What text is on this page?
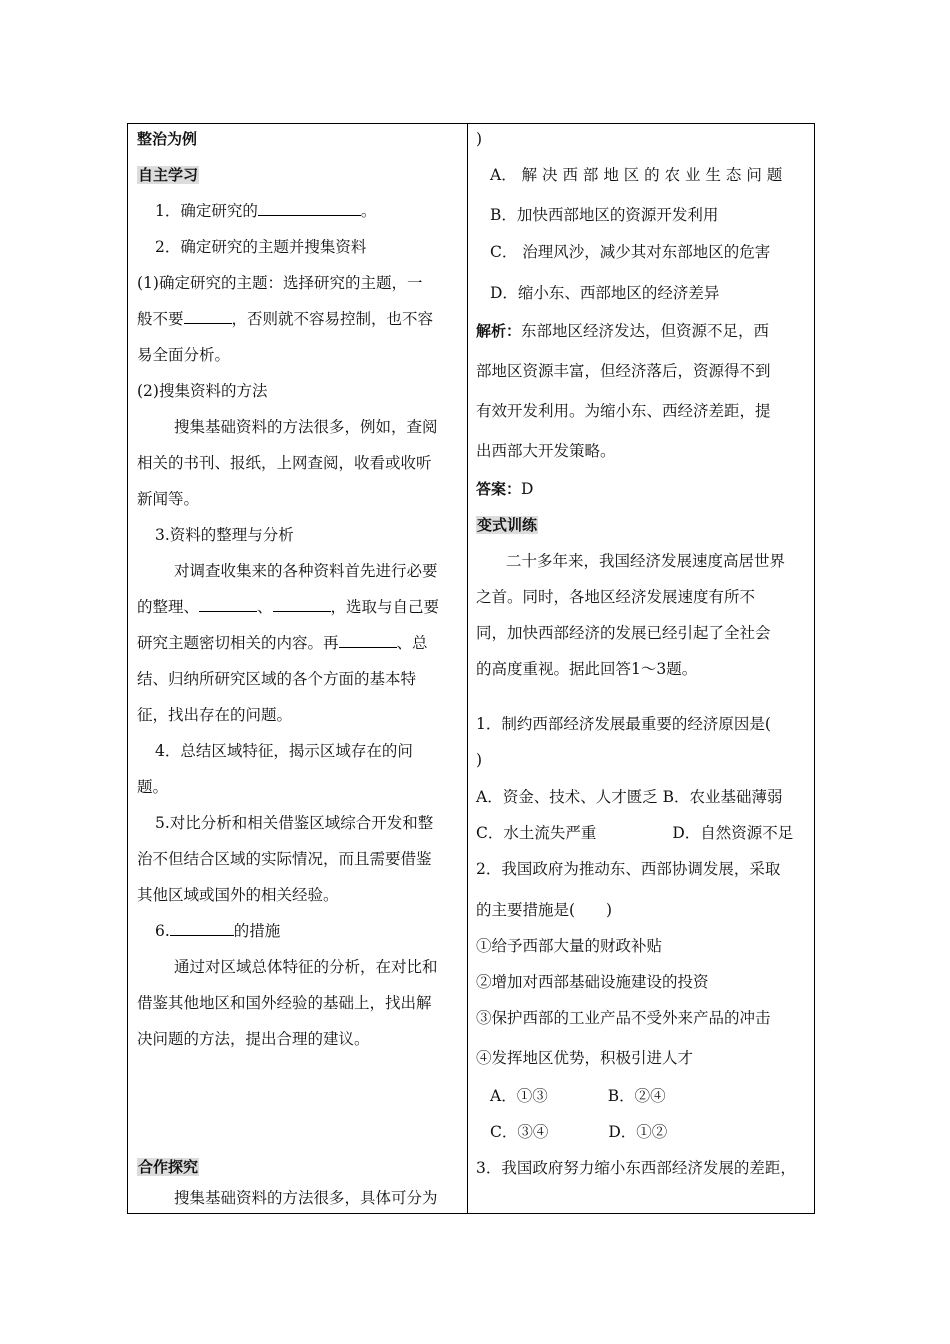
整治为例
自主学习
1．确定研究的	。
2．确定研究的主题并搜集资料
(1)确定研究的主题：选择研究的主题，一
般不要	，否则就不容易控制，也不容
易全面分析。
(2)搜集资料的方法
搜集基础资料的方法很多，例如，查阅
相关的书刊、报纸，上网查阅，收看或收听
新闻等。
3.资料的整理与分析
对调查收集来的各种资料首先进行必要
的整理、	、	，选取与自己要
研究主题密切相关的内容。再	、总
结、归纳所研究区域的各个方面的基本特
征，找出存在的问题。
4．总结区域特征，揭示区域存在的问
题。
5.对比分析和相关借鉴区域综合开发和整
治不但结合区域的实际情况，而且需要借鉴
其他区域或国外的相关经验。
6.	的措施
通过对区域总体特征的分析，在对比和
借鉴其他地区和国外经验的基础上，找出解
决问题的方法，提出合理的建议。
合作探究
搜集基础资料的方法很多，具体可分为
)
A． 解 决 西 部 地 区 的 农 业 生 态 问 题
B．加快西部地区的资源开发利用
C． 治理风沙，减少其对东部地区的危害
D．缩小东、西部地区的经济差异
解析：东部地区经济发达，但资源不足，西
部地区资源丰富，但经济落后，资源得不到
有效开发利用。为缩小东、西经济差距，提
出西部大开发策略。
答案：D
变式训练
二十多年来，我国经济发展速度高居世界
之首。同时，各地区经济发展速度有所不
同，加快西部经济的发展已经引起了全社会
的高度重视。据此回答1～3题。
1．制约西部经济发展最重要的经济原因是(
)
A．资金、技术、人才匮乏 B．农业基础薄弱
C．水土流失严重	D．自然资源不足
2．我国政府为推动东、西部协调发展，采取
的主要措施是(　　)
①给予西部大量的财政补贴
②增加对西部基础设施建设的投资
③保护西部的工业产品不受外来产品的冲击
④发挥地区优势，积极引进人才
A．①③	B．②④
C．③④	D．①②
3．我国政府努力缩小东西部经济发展的差距，
